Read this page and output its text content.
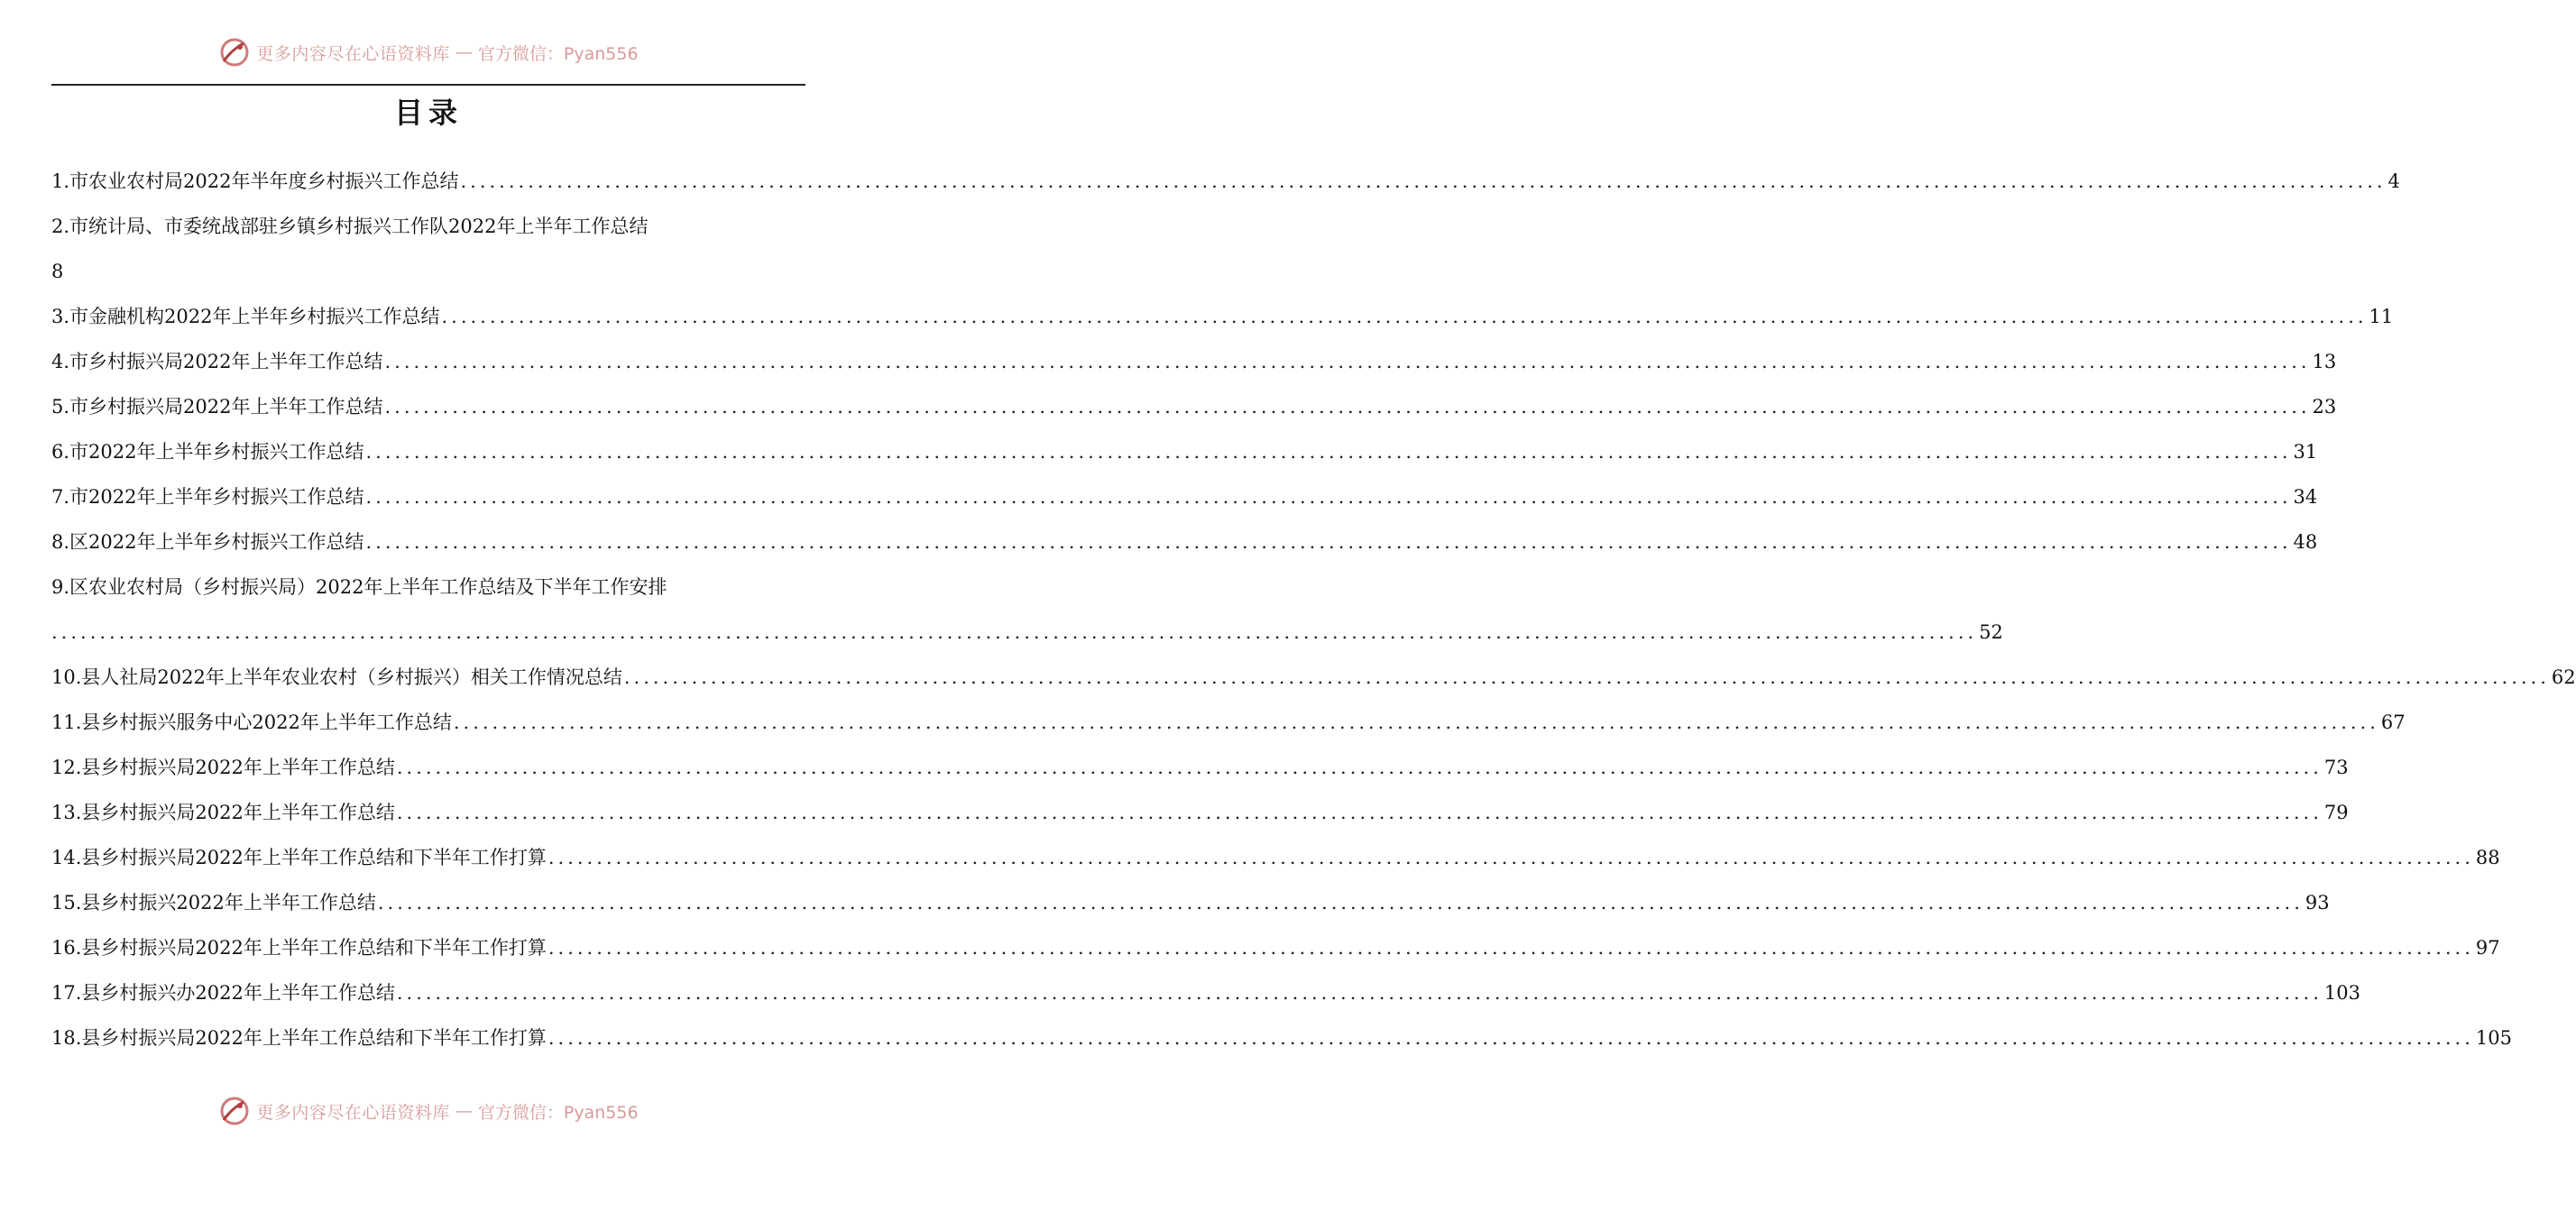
更多内容尽在心语资料库 — 官方微信：Pyan556
目录
1.市农业农村局2022年半年度乡村振兴工作总结 ........................................................................................................................................................................................................ 4
2.市统计局、市委统战部驻乡镇乡村振兴工作队2022年上半年工作总结
8
3.市金融机构2022年上半年乡村振兴工作总结 ........................................................................................................................................................................................................ 11
4.市乡村振兴局2022年上半年工作总结 ........................................................................................................................................................................................................ 13
5.市乡村振兴局2022年上半年工作总结 ........................................................................................................................................................................................................ 23
6.市2022年上半年乡村振兴工作总结 ........................................................................................................................................................................................................ 31
7.市2022年上半年乡村振兴工作总结 ........................................................................................................................................................................................................ 34
8.区2022年上半年乡村振兴工作总结 ........................................................................................................................................................................................................ 48
9.区农业农村局（乡村振兴局）2022年上半年工作总结及下半年工作安排
........................................................................................................................................................................................................ 52
10.县人社局2022年上半年农业农村（乡村振兴）相关工作情况总结 ........................................................................................................................................................................................................ 62
11.县乡村振兴服务中心2022年上半年工作总结 ........................................................................................................................................................................................................ 67
12.县乡村振兴局2022年上半年工作总结 ........................................................................................................................................................................................................ 73
13.县乡村振兴局2022年上半年工作总结 ........................................................................................................................................................................................................ 79
14.县乡村振兴局2022年上半年工作总结和下半年工作打算 ........................................................................................................................................................................................................ 88
15.县乡村振兴2022年上半年工作总结 ........................................................................................................................................................................................................ 93
16.县乡村振兴局2022年上半年工作总结和下半年工作打算 ........................................................................................................................................................................................................ 97
17.县乡村振兴办2022年上半年工作总结 ........................................................................................................................................................................................................ 103
18.县乡村振兴局2022年上半年工作总结和下半年工作打算 ........................................................................................................................................................................................................ 105
更多内容尽在心语资料库 — 官方微信：Pyan556
